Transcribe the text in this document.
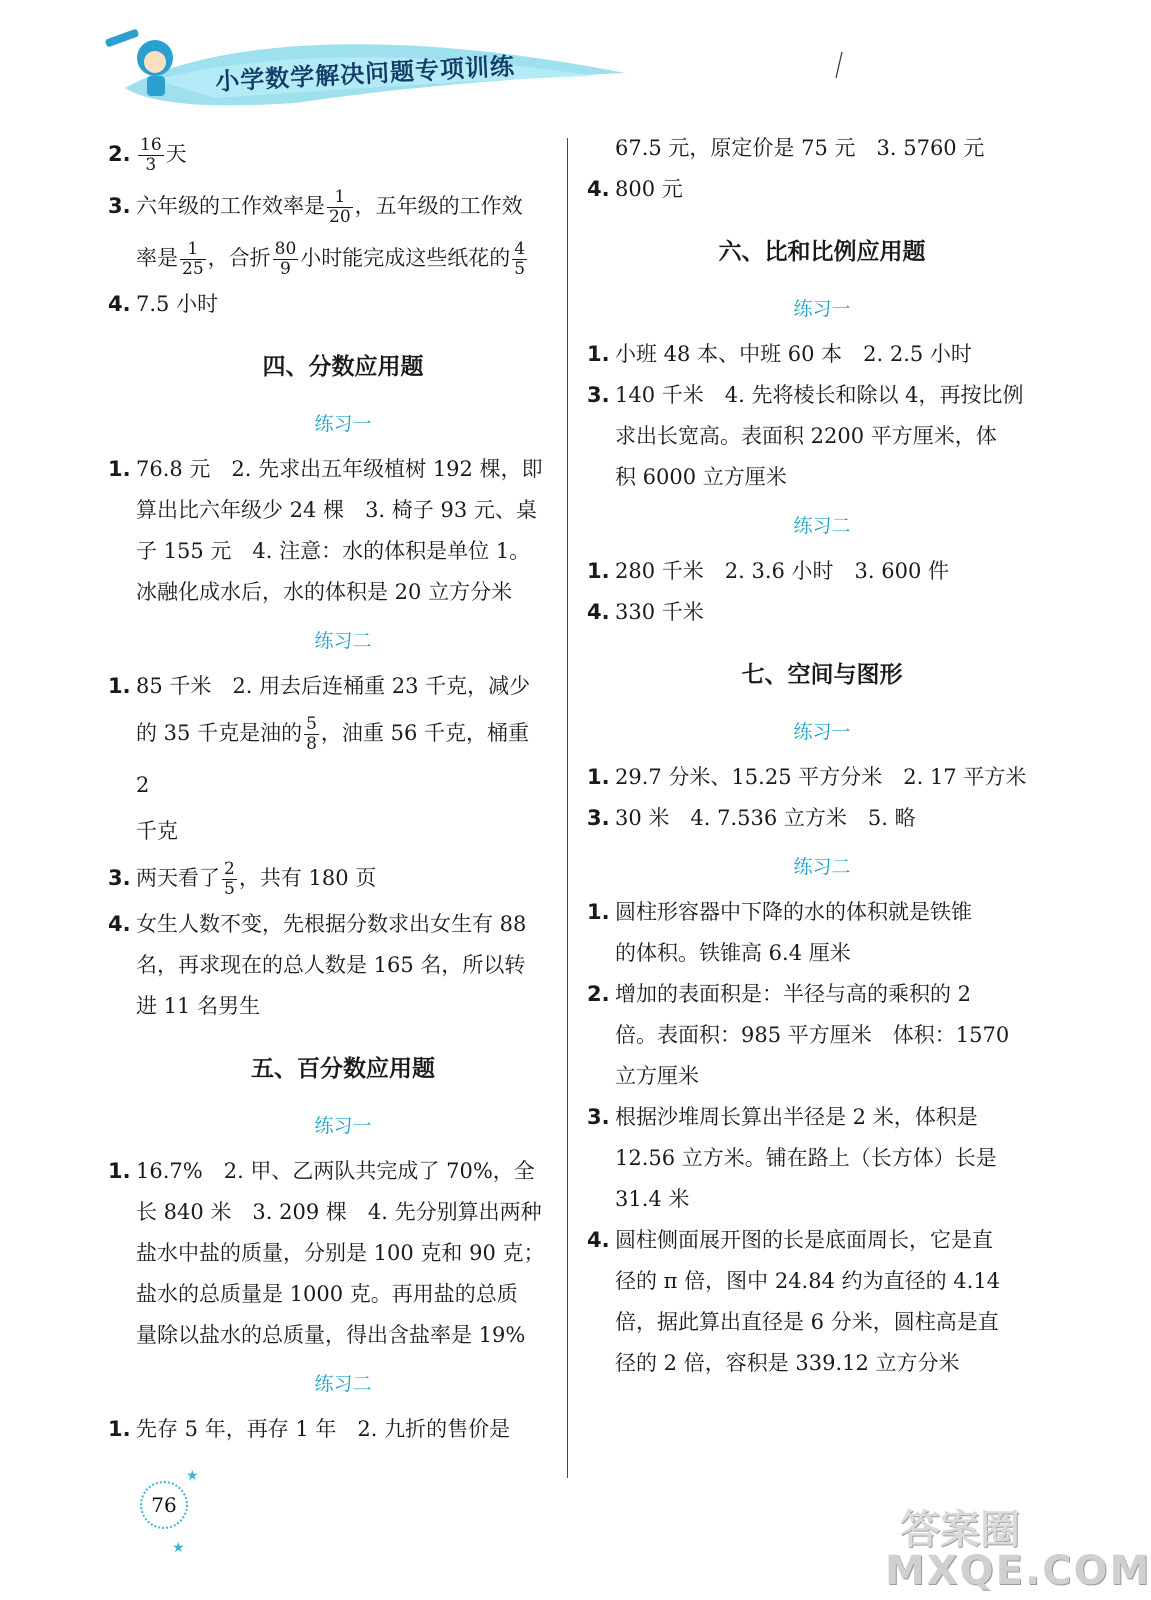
小学数学解决问题专项训练

2. $\frac{16}{3}$ 天

3. 六年级的工作效率是 $\frac{1}{20}$ ，五年级的工作效

率是 $\frac{1}{25}$ ，合折 $\frac{80}{9}$ 小时能完成这些纸花的 $\frac{4}{5}$

4. 7.5 小时

四、分数应用题
练习一

1. 76.8 元　2. 先求出五年级植树 192 棵，即

算出比六年级少 24 棵　3. 椅子 93 元、桌

子 155 元　4. 注意：水的体积是单位 1。

冰融化成水后，水的体积是 20 立方分米

练习二

1. 85 千米　2. 用去后连桶重 23 千克，减少

的 35 千克是油的 $\frac{5}{8}$ ，油重 56 千克，桶重 2

千克

3. 两天看了 $\frac{2}{5}$ ，共有 180 页

4. 女生人数不变，先根据分数求出女生有 88

名，再求现在的总人数是 165 名，所以转

进 11 名男生

五、百分数应用题
练习一

1. 16.7%　2. 甲、乙两队共完成了 70%，全

长 840 米　3. 209 棵　4. 先分别算出两种

盐水中盐的质量，分别是 100 克和 90 克；

盐水的总质量是 1000 克。再用盐的总质

量除以盐水的总质量，得出含盐率是 19%

练习二

1. 先存 5 年，再存 1 年　2. 九折的售价是

67.5 元，原定价是 75 元　3. 5760 元

4. 800 元

六、比和比例应用题
练习一

1. 小班 48 本、中班 60 本　2. 2.5 小时

3. 140 千米　4. 先将棱长和除以 4，再按比例

求出长宽高。表面积 2200 平方厘米，体

积 6000 立方厘米

练习二

1. 280 千米　2. 3.6 小时　3. 600 件

4. 330 千米

七、空间与图形
练习一

1. 29.7 分米、15.25 平方分米　2. 17 平方米

3. 30 米　4. 7.536 立方米　5. 略

练习二

1. 圆柱形容器中下降的水的体积就是铁锥

的体积。铁锥高 6.4 厘米

2. 增加的表面积是：半径与高的乘积的 2

倍。表面积：985 平方厘米　体积：1570

立方厘米

3. 根据沙堆周长算出半径是 2 米，体积是

12.56 立方米。铺在路上（长方体）长是

31.4 米

4. 圆柱侧面展开图的长是底面周长，它是直

径的 π 倍，图中 24.84 约为直径的 4.14

倍，据此算出直径是 6 分米，圆柱高是直

径的 2 倍，容积是 339.12 立方分米

★
★
76
答案圈
MXQE.COM
